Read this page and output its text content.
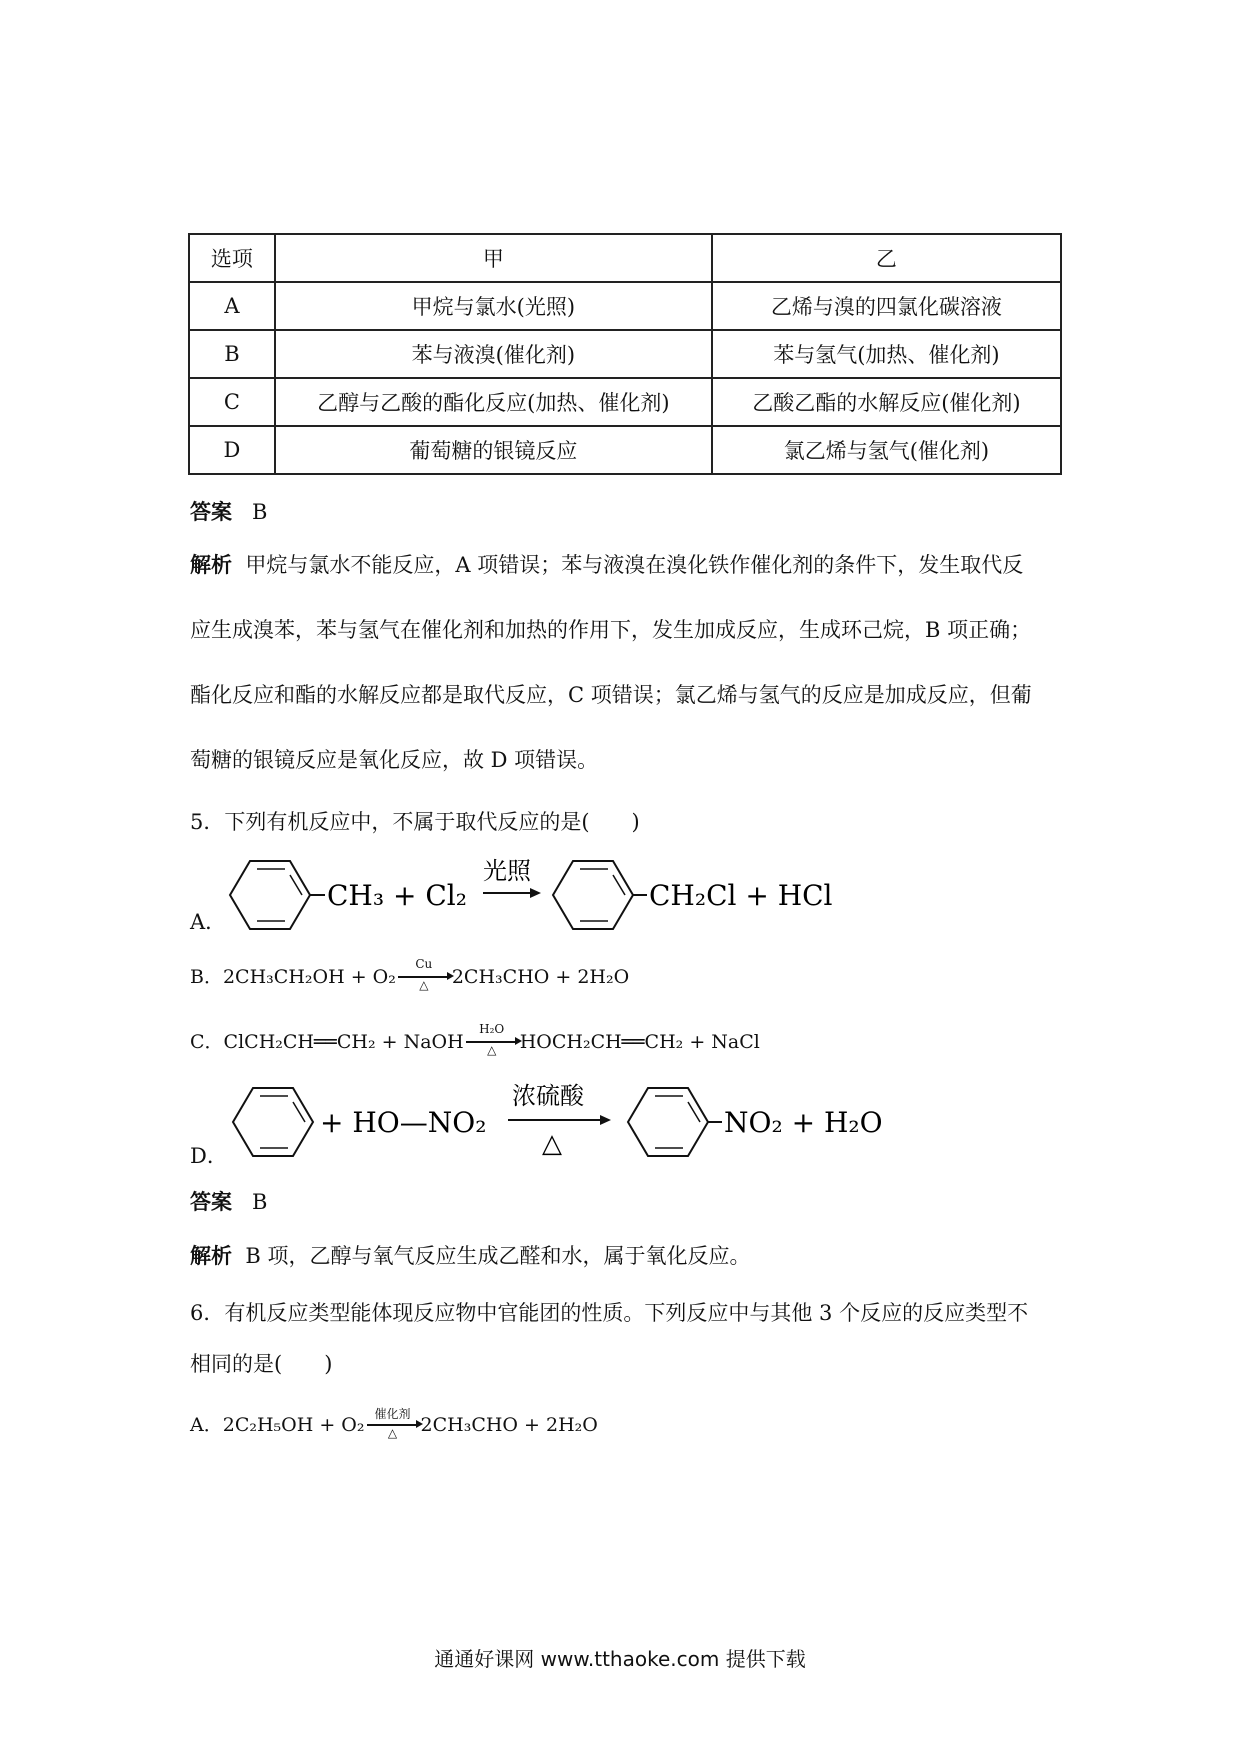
选项	甲	乙
A	甲烷与氯水(光照)	乙烯与溴的四氯化碳溶液
B	苯与液溴(催化剂)	苯与氢气(加热、催化剂)
C	乙醇与乙酸的酯化反应(加热、催化剂)	乙酸乙酯的水解反应(催化剂)
D	葡萄糖的银镜反应	氯乙烯与氢气(催化剂)
答案 B
解析 甲烷与氯水不能反应，A 项错误；苯与液溴在溴化铁作催化剂的条件下，发生取代反
应生成溴苯，苯与氢气在催化剂和加热的作用下，发生加成反应，生成环己烷，B 项正确；
酯化反应和酯的水解反应都是取代反应，C 项错误；氯乙烯与氢气的反应是加成反应，但葡
萄糖的银镜反应是氧化反应，故 D 项错误。
5．下列有机反应中，不属于取代反应的是(　　)
A．
CH₃ + Cl₂
光照
CH₂Cl + HCl
B．2CH₃CH₂OH + O₂
Cu
△	2CH₃CHO + 2H₂O
C．ClCH₂CH══CH₂ + NaOH
H₂O
△	HOCH₂CH══CH₂ + NaCl
D．
+ HO—NO₂
浓硫酸
△
NO₂ + H₂O
答案 B
解析 B 项，乙醇与氧气反应生成乙醛和水，属于氧化反应。
6．有机反应类型能体现反应物中官能团的性质。下列反应中与其他 3 个反应的反应类型不
相同的是(　　)
A．2C₂H₅OH + O₂ 催化剂
△	2CH₃CHO + 2H₂O
通通好课网 www.tthaoke.com 提供下载
